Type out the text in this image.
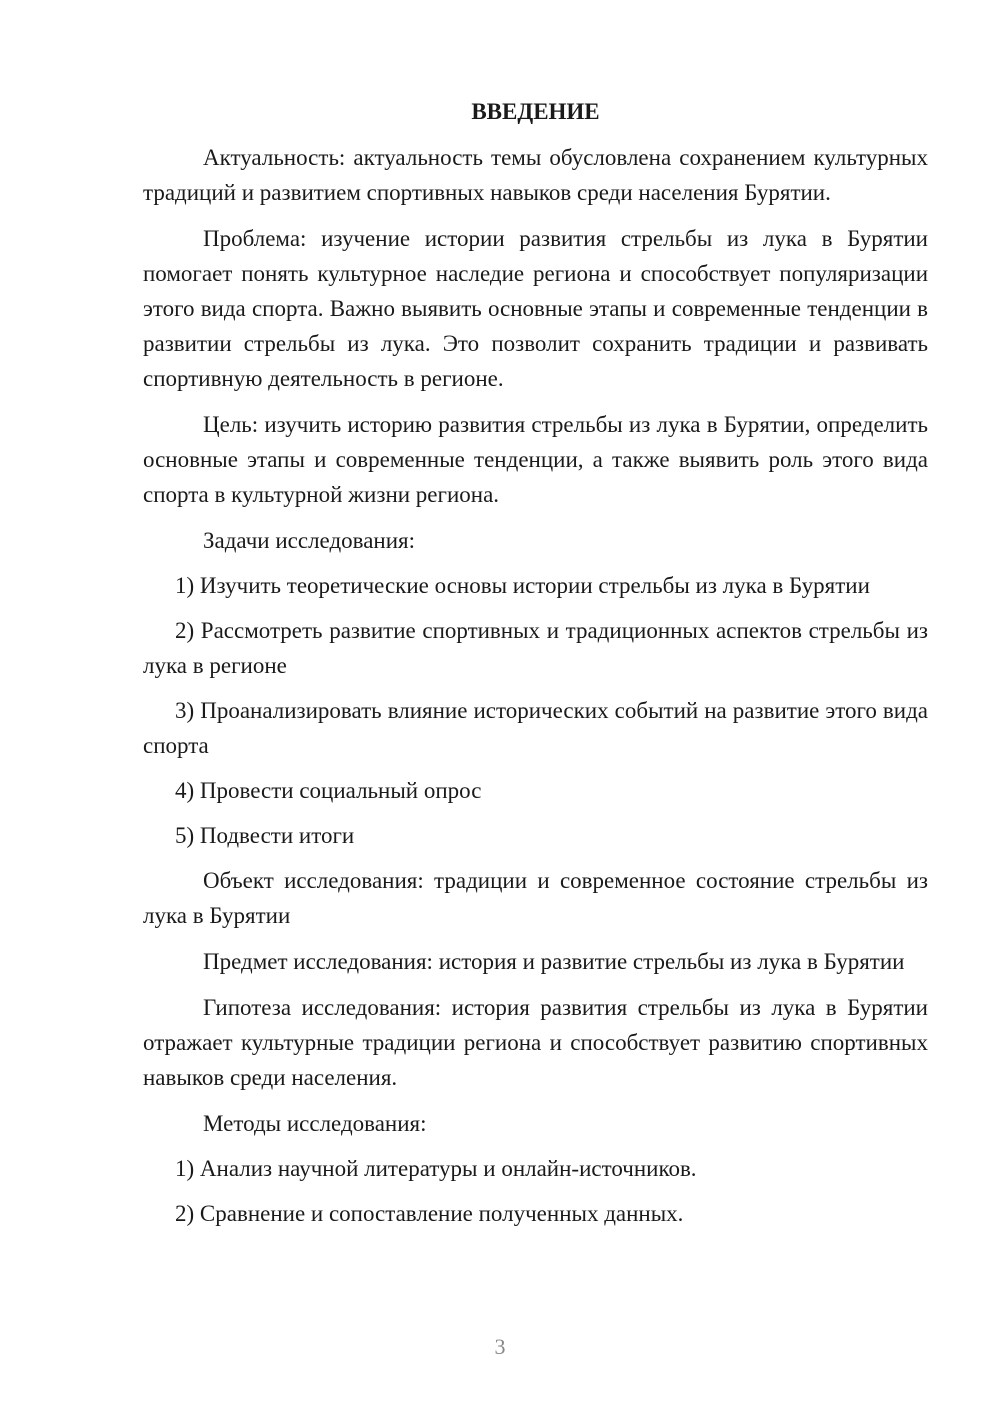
ВВЕДЕНИЕ

Актуальность: актуальность темы обусловлена сохранением культурных традиций и развитием спортивных навыков среди населения Бурятии.

Проблема: изучение истории развития стрельбы из лука в Бурятии помогает понять культурное наследие региона и способствует популяризации этого вида спорта. Важно выявить основные этапы и современные тенденции в развитии стрельбы из лука. Это позволит сохранить традиции и развивать спортивную деятельность в регионе.

Цель: изучить историю развития стрельбы из лука в Бурятии, определить основные этапы и современные тенденции, а также выявить роль этого вида спорта в культурной жизни региона.

Задачи исследования:

1) Изучить теоретические основы истории стрельбы из лука в Бурятии

2) Рассмотреть развитие спортивных и традиционных аспектов стрельбы из лука в регионе

3) Проанализировать влияние исторических событий на развитие этого вида спорта

4) Провести социальный опрос

5) Подвести итоги

Объект исследования: традиции и современное состояние стрельбы из лука в Бурятии

Предмет исследования: история и развитие стрельбы из лука в Бурятии

Гипотеза исследования: история развития стрельбы из лука в Бурятии отражает культурные традиции региона и способствует развитию спортивных навыков среди населения.

Методы исследования:

1) Анализ научной литературы и онлайн-источников.

2) Сравнение и сопоставление полученных данных.

3
